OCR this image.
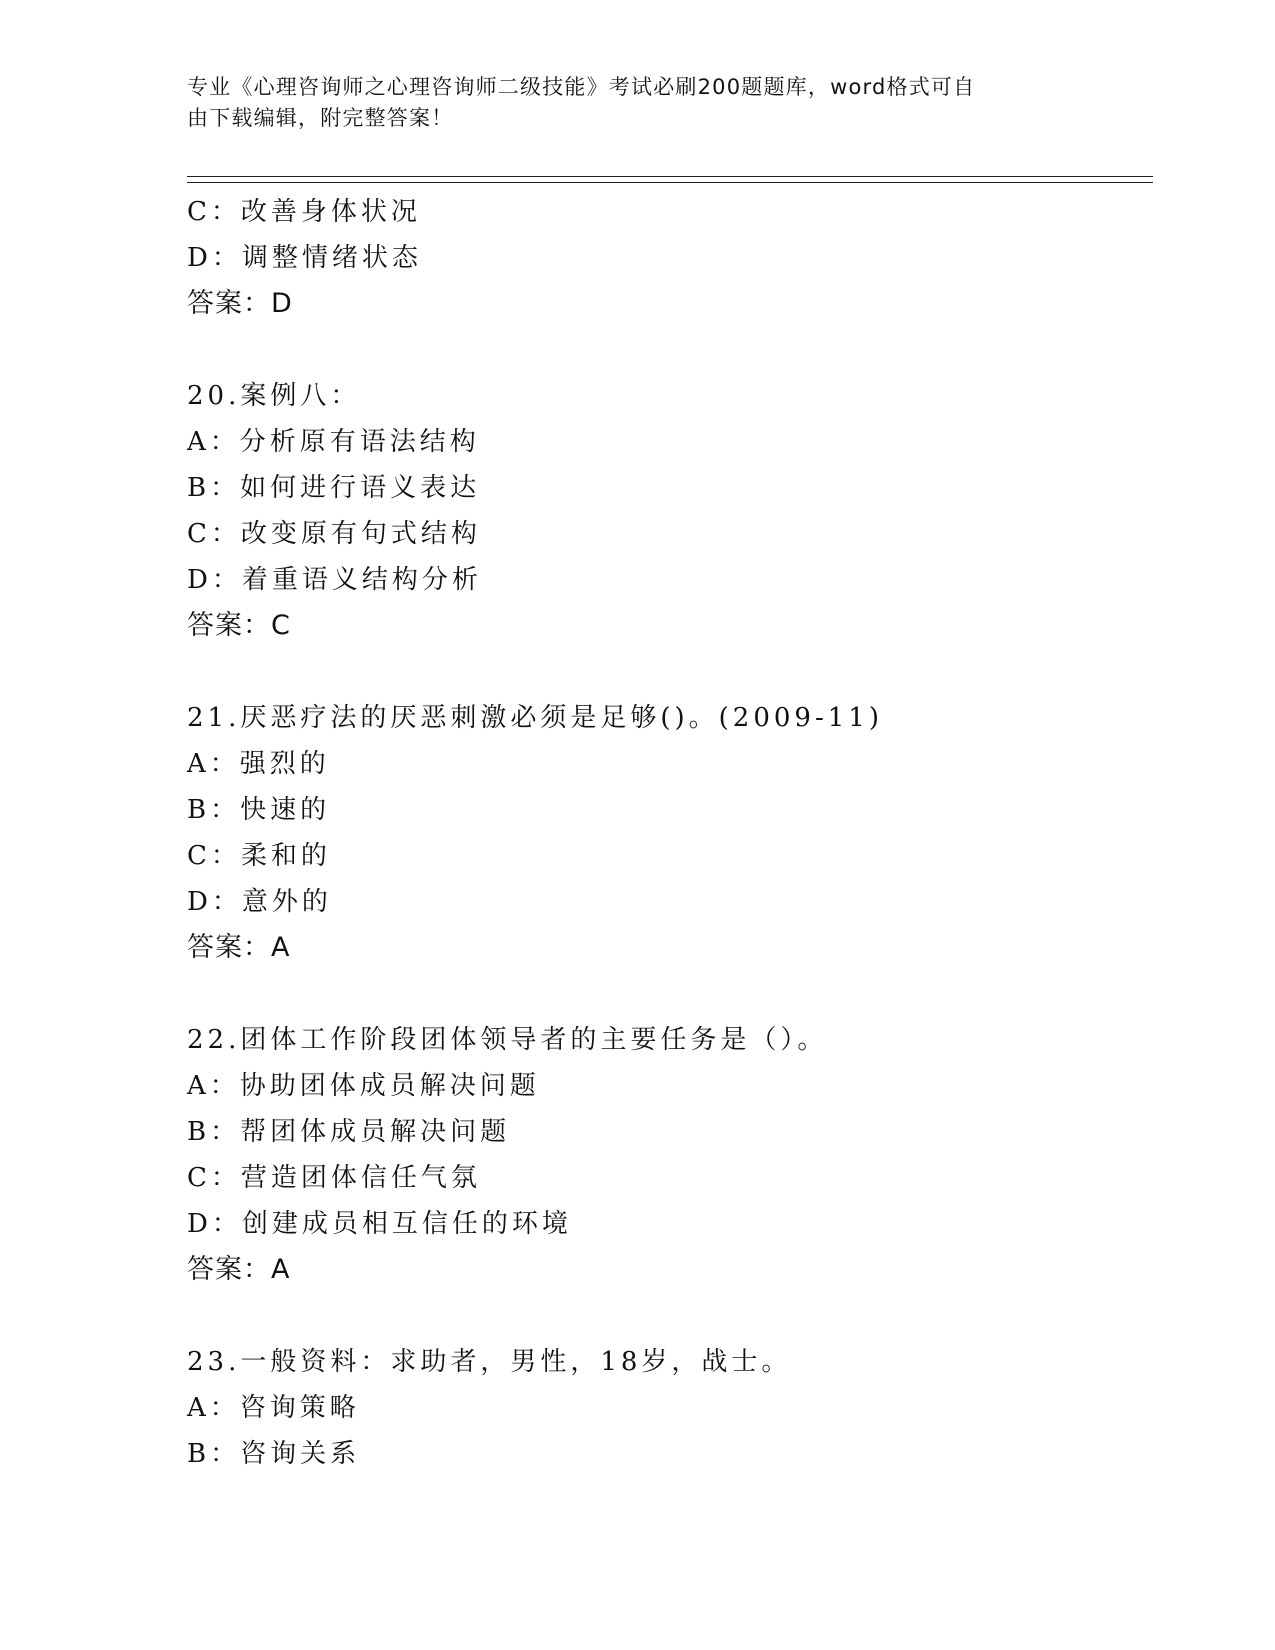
专业《心理咨询师之心理咨询师二级技能》考试必刷200题题库，word格式可自
由下载编辑，附完整答案！
C：改善身体状况
D：调整情绪状态
答案：D
20.案例八：
A：分析原有语法结构
B：如何进行语义表达
C：改变原有句式结构
D：着重语义结构分析
答案：C
21.厌恶疗法的厌恶刺激必须是足够()。(2009-11)
A：强烈的
B：快速的
C：柔和的
D：意外的
答案：A
22.团体工作阶段团体领导者的主要任务是（）。
A：协助团体成员解决问题
B：帮团体成员解决问题
C：营造团体信任气氛
D：创建成员相互信任的环境
答案：A
23.一般资料：求助者，男性，18岁，战士。
A：咨询策略
B：咨询关系
